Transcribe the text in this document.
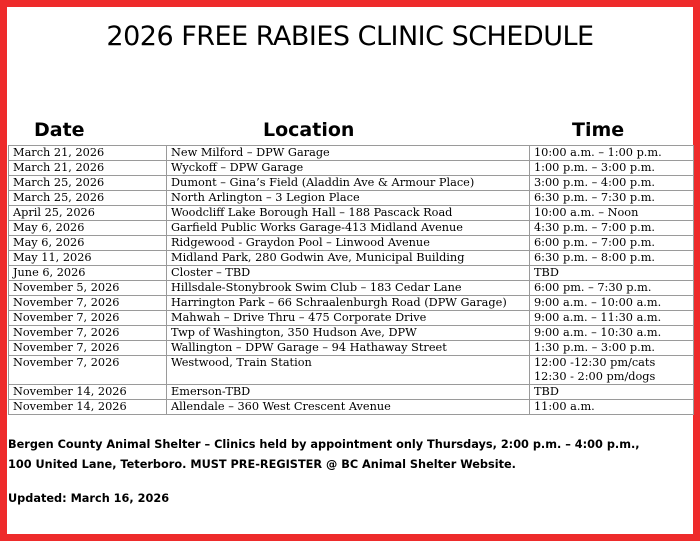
2026 FREE RABIES CLINIC SCHEDULE
Date	Location	Time
March 21, 2026	New Milford – DPW Garage	10:00 a.m. – 1:00 p.m.

March 21, 2026	Wyckoff – DPW Garage	1:00 p.m. – 3:00 p.m.

March 25, 2026	Dumont – Gina’s Field (Aladdin Ave & Armour Place)	3:00 p.m. – 4:00 p.m.

March 25, 2026	North Arlington – 3 Legion Place	6:30 p.m. – 7:30 p.m.

April 25, 2026	Woodcliff Lake Borough Hall – 188 Pascack Road	10:00 a.m. – Noon

May 6, 2026	Garfield Public Works Garage-413 Midland Avenue	4:30 p.m. – 7:00 p.m.

May 6, 2026	Ridgewood - Graydon Pool – Linwood Avenue	6:00 p.m. – 7:00 p.m.

May 11, 2026	Midland Park, 280 Godwin Ave, Municipal Building	6:30 p.m. – 8:00 p.m.

June 6, 2026	Closter – TBD	TBD

November 5, 2026	Hillsdale-Stonybrook Swim Club – 183 Cedar Lane	6:00 pm. – 7:30 p.m.

November 7, 2026	Harrington Park – 66 Schraalenburgh Road (DPW Garage)	9:00 a.m. – 10:00 a.m.

November 7, 2026	Mahwah – Drive Thru – 475 Corporate Drive	9:00 a.m. – 11:30 a.m.

November 7, 2026	Twp of Washington, 350 Hudson Ave, DPW	9:00 a.m. – 10:30 a.m.

November 7, 2026	Wallington – DPW Garage – 94 Hathaway Street	1:30 p.m. – 3:00 p.m.

November 7, 2026	Westwood, Train Station	12:00 -12:30 pm/cats
12:30 - 2:00 pm/dogs

November 14, 2026	Emerson-TBD	TBD

November 14, 2026	Allendale – 360 West Crescent Avenue	11:00 a.m.
Bergen County Animal Shelter – Clinics held by appointment only Thursdays, 2:00 p.m. – 4:00 p.m.,
100 United Lane, Teterboro. MUST PRE-REGISTER @ BC Animal Shelter Website.
Updated: March 16, 2026
